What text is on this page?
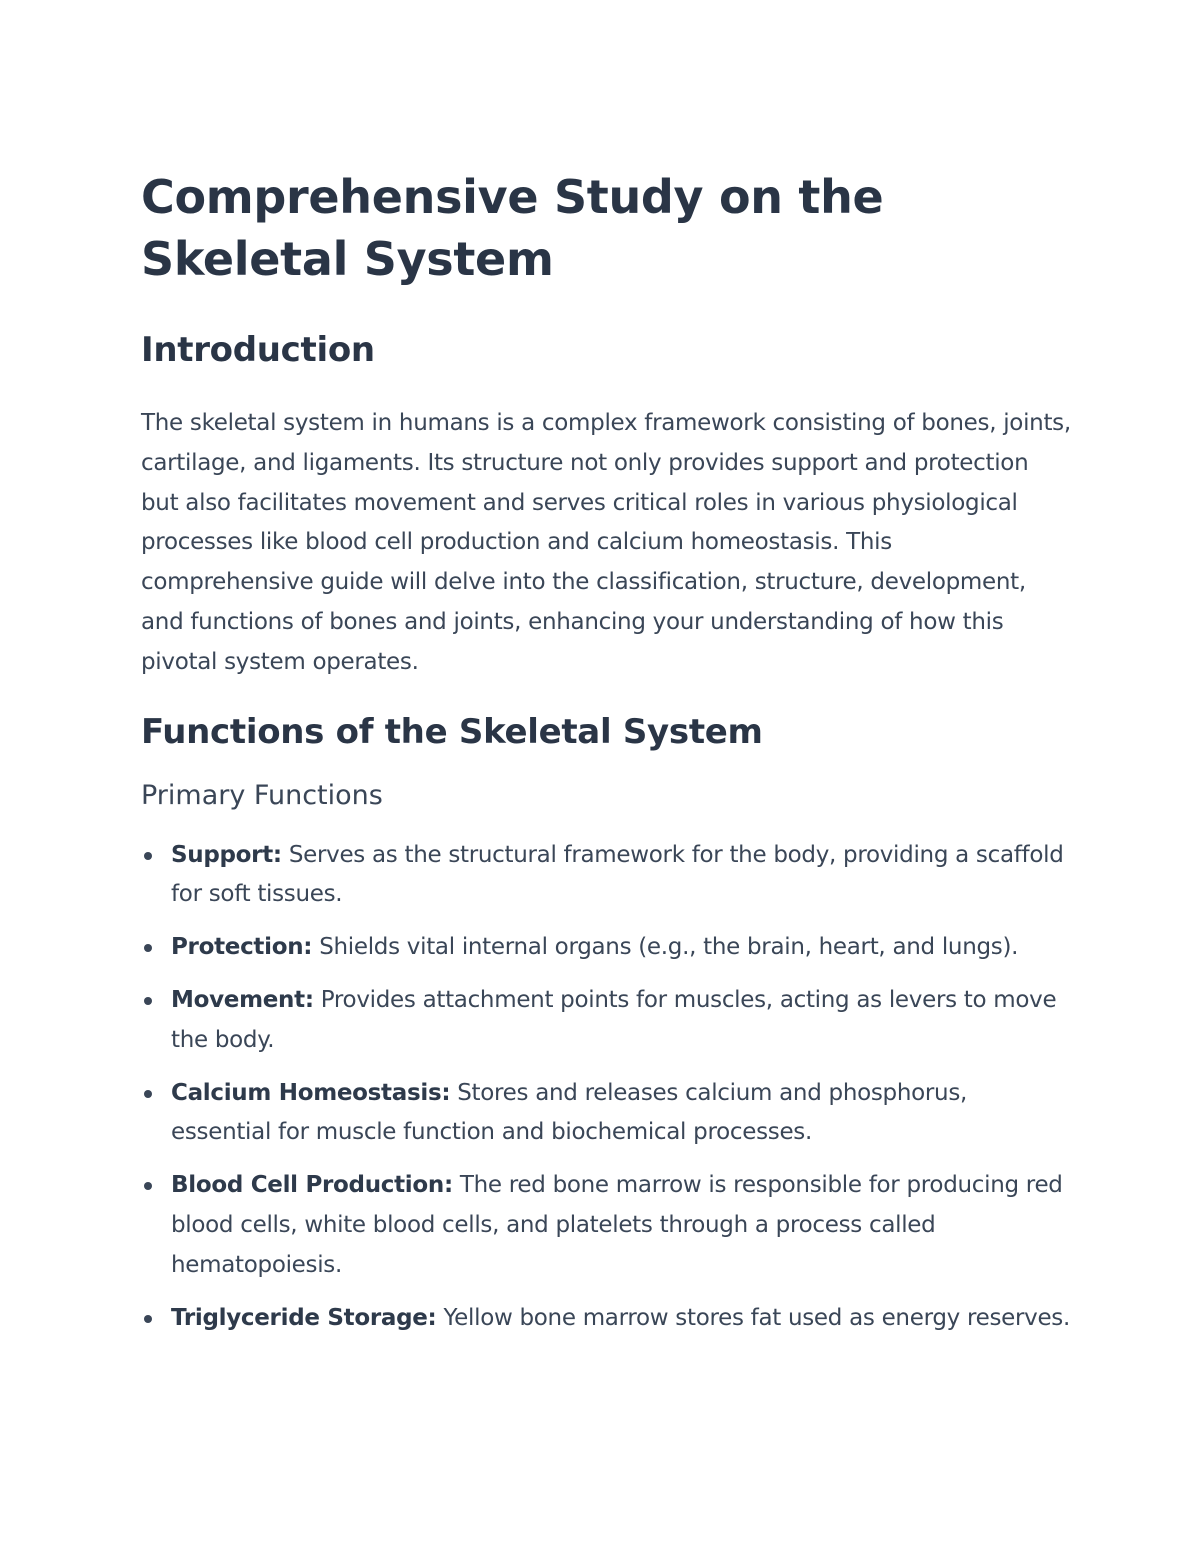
Comprehensive Study on the Skeletal System
Introduction

The skeletal system in humans is a complex framework consisting of bones, joints, cartilage, and ligaments. Its structure not only provides support and protection but also facilitates movement and serves critical roles in various physiological processes like blood cell production and calcium homeostasis. This comprehensive guide will delve into the classification, structure, development, and functions of bones and joints, enhancing your understanding of how this pivotal system operates.

Functions of the Skeletal System
Primary Functions
Support: Serves as the structural framework for the body, providing a scaffold for soft tissues.
Protection: Shields vital internal organs (e.g., the brain, heart, and lungs).
Movement: Provides attachment points for muscles, acting as levers to move the body.
Calcium Homeostasis: Stores and releases calcium and phosphorus, essential for muscle function and biochemical processes.
Blood Cell Production: The red bone marrow is responsible for producing red blood cells, white blood cells, and platelets through a process called hematopoiesis.
Triglyceride Storage: Yellow bone marrow stores fat used as energy reserves.
